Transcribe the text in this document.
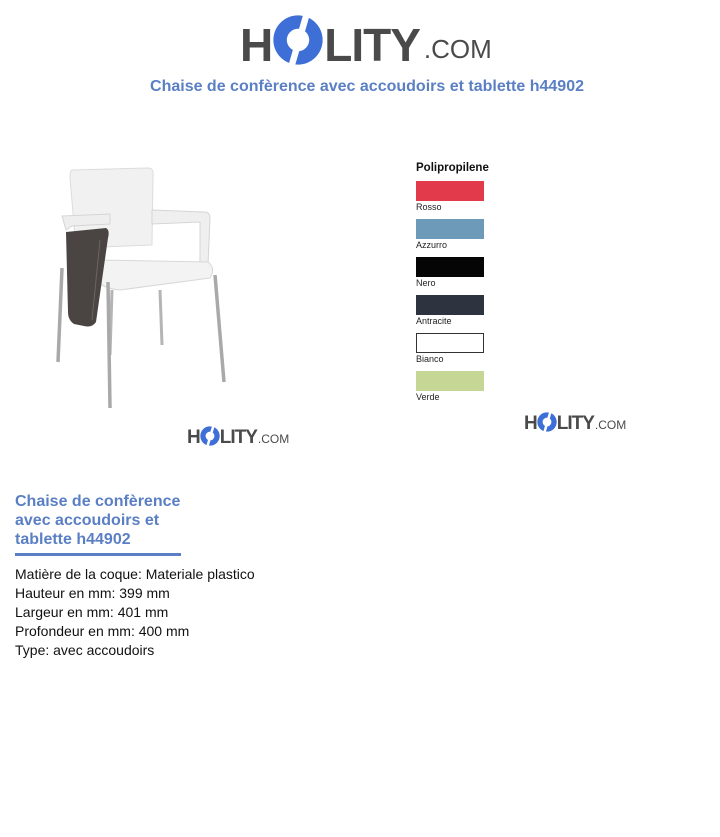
H LITY .COM
Chaise de confèrence avec accoudoirs et tablette h44902
H LITY .COM
Polipropilene
Rosso
Azzurro
Nero
Antracite
Bianco
Verde
H LITY .COM
Chaise de confèrence avec accoudoirs et tablette h44902
Matière de la coque: Materiale plastico
Hauteur en mm: 399 mm
Largeur en mm: 401 mm
Profondeur en mm: 400 mm
Type: avec accoudoirs
